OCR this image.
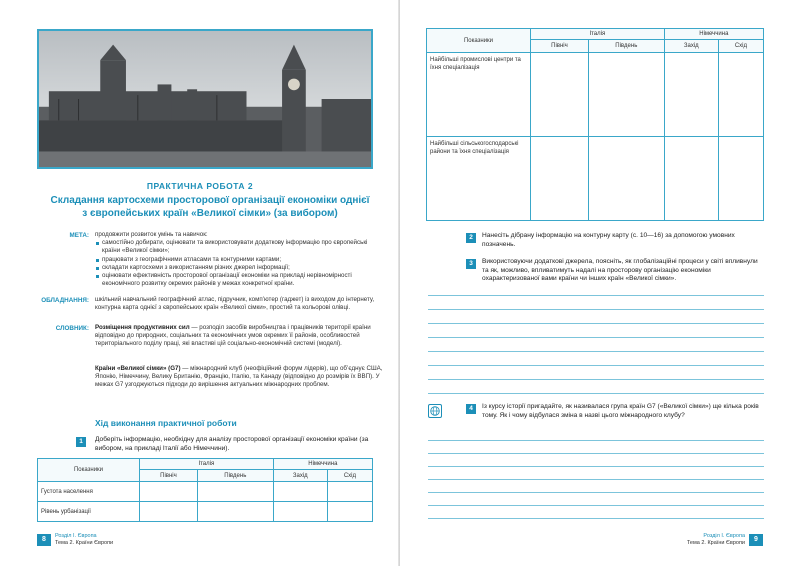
ПРАКТИЧНА РОБОТА 2
Складання картосхеми просторової організації економіки однієї з європейських країн «Великої сімки» (за вибором)
МЕТА: продовжити розвиток умінь та навичок:
самостійно добирати, оцінювати та використовувати додаткову інформацію про європейські країни «Великої сімки»;
працювати з географічними атласами та контурними картами;
складати картосхеми з використанням різних джерел інформації;
оцінювати ефективність просторової організації економіки на прикладі нерівномірності економічного розвитку окремих районів у межах конкретної країни.
ОБЛАДНАННЯ: шкільний навчальний географічний атлас, підручник, комп’ютер (гаджет) із виходом до інтернету, контурна карта однієї з європейських країн «Великої сімки», простий та кольорові олівці.
СЛОВНИК: Розміщення продуктивних сил — розподіл засобів виробництва і працівників території країни відповідно до природних, соціальних та економічних умов окремих її районів, особливостей територіального поділу праці, які властиві цій соціально-економічній системі (моделі).
Країни «Великої сімки» (G7) — міжнародний клуб (неофіційний форум лідерів), що об’єднує США, Японію, Німеччину, Велику Британію, Францію, Італію, та Канаду (відповідно до розмірів їх ВВП). У межах G7 узгоджуються підходи до вирішення актуальних міжнародних проблем.
Хід виконання практичної роботи
1	Доберіть інформацію, необхідну для аналізу просторової організації економіки країни (за вибором, на прикладі Італії або Німеччини).
Показники	Італія		Німеччина	
	Північ	Південь	Захід	Схід
Густота населення				
Рівень урбанізації				
8	Розділ І. Європа
Тема 2. Країни Європи
Показники	Італія		Німеччина	
	Північ	Південь	Захід	Схід
Найбільші промислові центри та їхня спеціалізація				
Найбільші сільськогосподарські райони та їхня спеціалізація				
2	Нанесіть дібрану інформацію на контурну карту (с. 10—16) за допомогою умовних позначень.
3	Використовуючи додаткові джерела, поясніть, як глобалізаційні процеси у світі впливнули та як, можливо, впливатимуть надалі на просторову організацію економіки охарактеризованої вами країни чи інших країн «Великої сімки».
4	Із курсу історії пригадайте, як називалася група країн G7 («Великої сімки») ще кілька років тому. Як і чому відбулася зміна в назві цього міжнародного клубу?
Розділ І. Європа
Тема 2. Країни Європи	9
